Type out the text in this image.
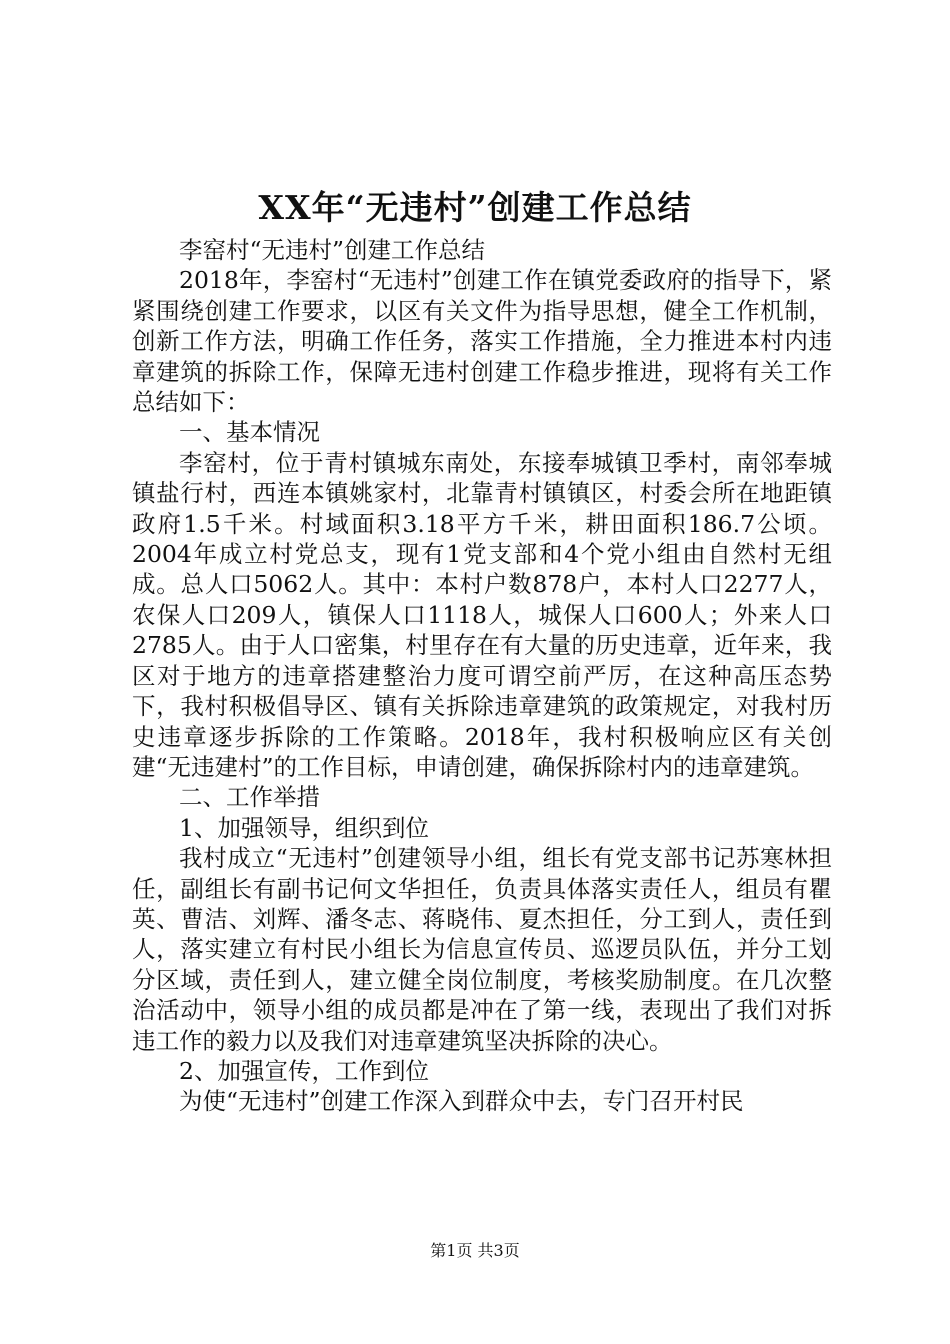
XX年“无违村”创建工作总结

李窑村“无违村”创建工作总结

2018年，李窑村“无违村”创建工作在镇党委政府的指导下，紧紧围绕创建工作要求，以区有关文件为指导思想，健全工作机制，创新工作方法，明确工作任务，落实工作措施，全力推进本村内违章建筑的拆除工作，保障无违村创建工作稳步推进，现将有关工作总结如下：

一、基本情况

李窑村，位于青村镇城东南处，东接奉城镇卫季村，南邻奉城镇盐行村，西连本镇姚家村，北靠青村镇镇区，村委会所在地距镇政府1.5千米。村域面积3.18平方千米，耕田面积186.7公顷。2004年成立村党总支，现有1党支部和4个党小组由自然村无组成。总人口5062人。其中：本村户数878户，本村人口2277人，农保人口209人，镇保人口1118人，城保人口600人；外来人口2785人。由于人口密集，村里存在有大量的历史违章，近年来，我区对于地方的违章搭建整治力度可谓空前严厉，在这种高压态势下，我村积极倡导区、镇有关拆除违章建筑的政策规定，对我村历史违章逐步拆除的工作策略。2018年，我村积极响应区有关创建“无违建村”的工作目标，申请创建，确保拆除村内的违章建筑。

二、工作举措

1、加强领导，组织到位

我村成立“无违村”创建领导小组，组长有党支部书记苏寒林担任，副组长有副书记何文华担任，负责具体落实责任人，组员有瞿英、曹洁、刘辉、潘冬志、蒋晓伟、夏杰担任，分工到人，责任到人，落实建立有村民小组长为信息宣传员、巡逻员队伍，并分工划分区域，责任到人，建立健全岗位制度，考核奖励制度。在几次整治活动中，领导小组的成员都是冲在了第一线，表现出了我们对拆违工作的毅力以及我们对违章建筑坚决拆除的决心。

2、加强宣传，工作到位

为使“无违村”创建工作深入到群众中去，专门召开村民

第1页 共3页
